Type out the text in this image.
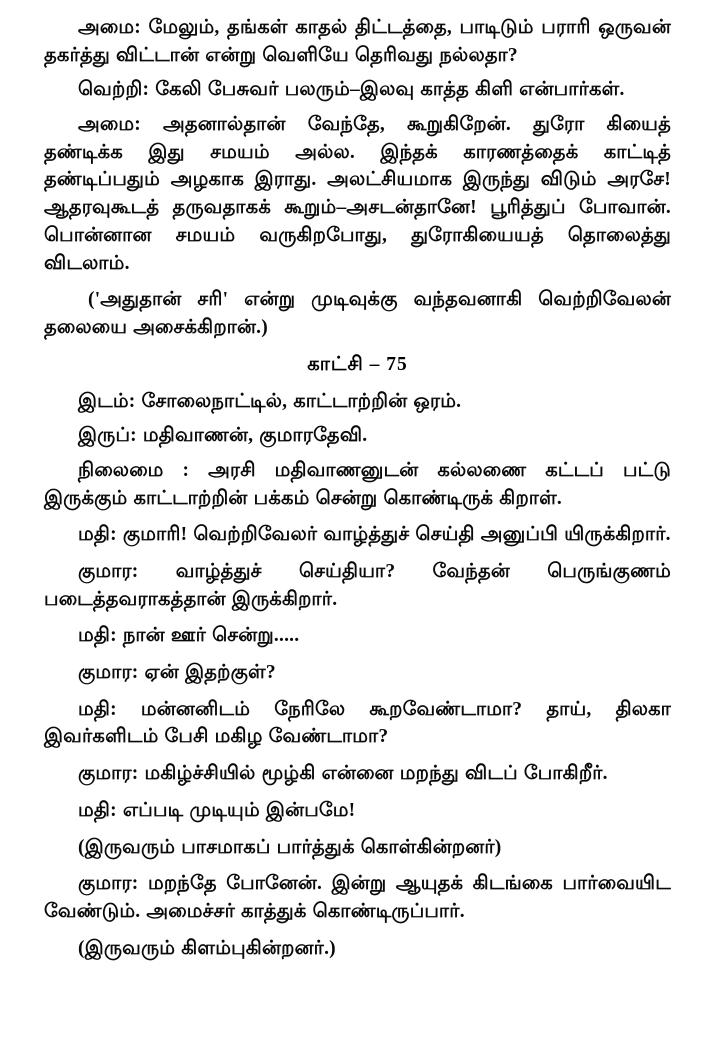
அமை: மேலும், தங்கள் காதல் திட்டத்தை, பாடிடும் பராரி ஒருவன் தகர்த்து விட்டான் என்று வெளியே தெரிவது நல்லதா?

வெற்றி: கேலி பேசுவர் பலரும்–இலவு காத்த கிளி என்பார்கள்.

அமை: அதனால்தான் வேந்தே, கூறுகிறேன். துரோ கியைத் தண்டிக்க இது சமயம் அல்ல. இந்தக் காரணத்தைக் காட்டித் தண்டிப்பதும் அழகாக இராது. அலட்சியமாக இருந்து விடும் அரசே! ஆதரவுகூடத் தருவதாகக் கூறும்–அசடன்தானே! பூரித்துப் போவான். பொன்னான சமயம் வருகிறபோது, துரோகியையத் தொலைத்து விடலாம்.

('அதுதான் சரி' என்று முடிவுக்கு வந்தவனாகி வெற்றிவேலன் தலையை அசைக்கிறான்.)

காட்சி – 75

இடம்: சோலைநாட்டில், காட்டாற்றின் ஒரம்.

இருப்: மதிவாணன், குமாரதேவி.

நிலைமை : அரசி மதிவாணனுடன் கல்லணை கட்டப் பட்டு இருக்கும் காட்டாற்றின் பக்கம் சென்று கொண்டிருக் கிறாள்.

மதி: குமாரி! வெற்றிவேலர் வாழ்த்துச் செய்தி அனுப்பி யிருக்கிறார்.

குமார: வாழ்த்துச் செய்தியா? வேந்தன் பெருங்குணம் படைத்தவராகத்தான் இருக்கிறார்.

மதி: நான் ஊர் சென்று.....

குமார: ஏன் இதற்குள்?

மதி: மன்னனிடம் நேரிலே கூறவேண்டாமா? தாய், திலகா இவர்களிடம் பேசி மகிழ வேண்டாமா?

குமார: மகிழ்ச்சியில் மூழ்கி என்னை மறந்து விடப் போகிறீர்.

மதி: எப்படி முடியும் இன்பமே!

(இருவரும் பாசமாகப் பார்த்துக் கொள்கின்றனர்)

குமார: மறந்தே போனேன். இன்று ஆயுதக் கிடங்கை பார்வையிட வேண்டும். அமைச்சர் காத்துக் கொண்டிருப்பார்.

(இருவரும் கிளம்புகின்றனர்.)
